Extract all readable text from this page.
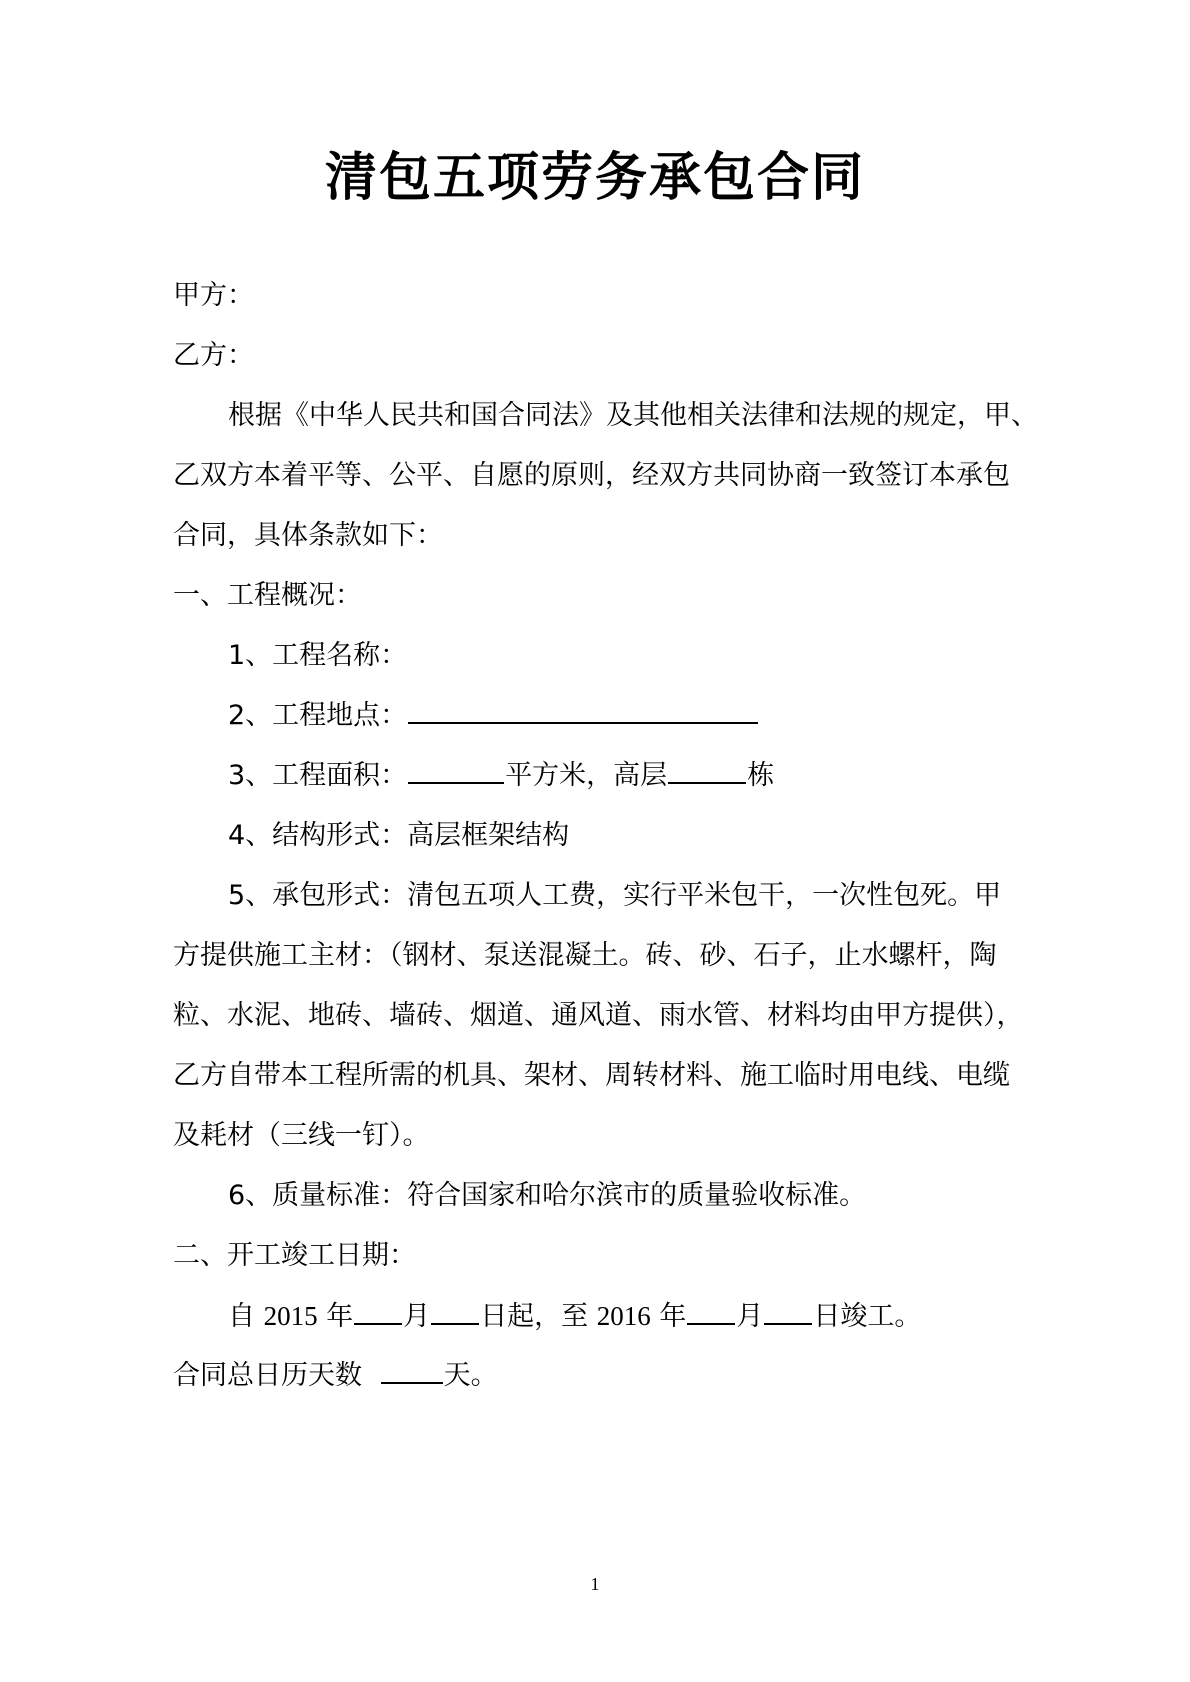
清包五项劳务承包合同
甲方：
乙方：
根据《中华人民共和国合同法》及其他相关法律和法规的规定，甲、
乙双方本着平等、公平、自愿的原则，经双方共同协商一致签订本承包
合同，具体条款如下：
一、工程概况：
1、工程名称：
2、工程地点：
3、工程面积：	平方米，高层	栋
4、结构形式：高层框架结构
5、承包形式：清包五项人工费，实行平米包干，一次性包死。甲
方提供施工主材：（钢材、泵送混凝土。砖、砂、石子，止水螺杆，陶
粒、水泥、地砖、墙砖、烟道、通风道、雨水管、材料均由甲方提供），
乙方自带本工程所需的机具、架材、周转材料、施工临时用电线、电缆
及耗材（三线一钉）。
6、质量标准：符合国家和哈尔滨市的质量验收标准。
二、开工竣工日期：
自 2015 年 月 日起，至 2016 年 月 日竣工。
合同总日历天数	天。
1
